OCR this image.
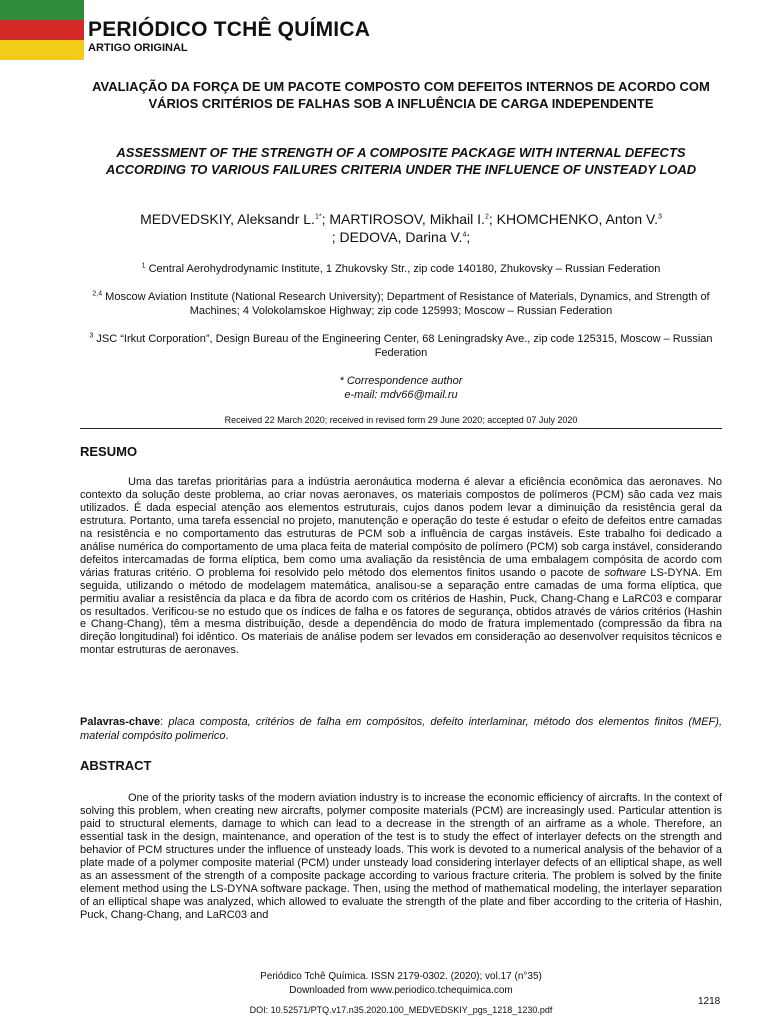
PERIÓDICO TCHÊ QUÍMICA
ARTIGO ORIGINAL
AVALIAÇÃO DA FORÇA DE UM PACOTE COMPOSTO COM DEFEITOS INTERNOS DE ACORDO COM VÁRIOS CRITÉRIOS DE FALHAS SOB A INFLUÊNCIA DE CARGA INDEPENDENTE
ASSESSMENT OF THE STRENGTH OF A COMPOSITE PACKAGE WITH INTERNAL DEFECTS ACCORDING TO VARIOUS FAILURES CRITERIA UNDER THE INFLUENCE OF UNSTEADY LOAD
MEDVEDSKIY, Aleksandr L.$^{1*}$; MARTIROSOV, Mikhail I.$^2$; KHOMCHENKO, Anton V.$^3$
; DEDOVA, Darina V.$^4$;
$^1$ Central Aerohydrodynamic Institute, 1 Zhukovsky Str., zip code 140180, Zhukovsky – Russian Federation
$^{2,4}$ Moscow Aviation Institute (National Research University); Department of Resistance of Materials, Dynamics, and Strength of Machines; 4 Volokolamskoe Highway; zip code 125993; Moscow – Russian Federation
$^3$ JSC “Irkut Corporation”, Design Bureau of the Engineering Center, 68 Leningradsky Ave., zip code 125315, Moscow – Russian Federation
* Correspondence author
e-mail: mdv66@mail.ru
Received 22 March 2020; received in revised form 29 June 2020; accepted 07 July 2020
RESUMO

Uma das tarefas prioritárias para a indústria aeronáutica moderna é alevar a eficiência econômica das aeronaves. No contexto da solução deste problema, ao criar novas aeronaves, os materiais compostos de polímeros (PCM) são cada vez mais utilizados. É dada especial atenção aos elementos estruturais, cujos danos podem levar a diminuição da resistência geral da estrutura. Portanto, uma tarefa essencial no projeto, manutenção e operação do teste é estudar o efeito de defeitos entre camadas na resistência e no comportamento das estruturas de PCM sob a influência de cargas instáveis. Este trabalho foi dedicado a análise numérica do comportamento de uma placa feita de material compósito de polímero (PCM) sob carga instável, considerando defeitos intercamadas de forma elíptica, bem como uma avaliação da resistência de uma embalagem compósita de acordo com várias fraturas critério. O problema foi resolvido pelo método dos elementos finitos usando o pacote de software LS-DYNA. Em seguida, utilizando o método de modelagem matemática, analisou-se a separação entre camadas de uma forma elíptica, que permitiu avaliar a resistência da placa e da fibra de acordo com os critérios de Hashin, Puck, Chang-Chang e LaRC03 e comparar os resultados. Verificou-se no estudo que os índices de falha e os fatores de segurança, obtidos através de vários critérios (Hashin e Chang-Chang), têm a mesma distribuição, desde a dependência do modo de fratura implementado (compressão da fibra na direção longitudinal) foi idêntico. Os materiais de análise podem ser levados em consideração ao desenvolver requisitos técnicos e montar estruturas de aeronaves.

Palavras-chave: placa composta, critérios de falha em compósitos, defeito interlaminar, método dos elementos finitos (MEF), material compósito polimerico.
ABSTRACT

One of the priority tasks of the modern aviation industry is to increase the economic efficiency of aircrafts. In the context of solving this problem, when creating new aircrafts, polymer composite materials (PCM) are increasingly used. Particular attention is paid to structural elements, damage to which can lead to a decrease in the strength of an airframe as a whole. Therefore, an essential task in the design, maintenance, and operation of the test is to study the effect of interlayer defects on the strength and behavior of PCM structures under the influence of unsteady loads. This work is devoted to a numerical analysis of the behavior of a plate made of a polymer composite material (PCM) under unsteady load considering interlayer defects of an elliptical shape, as well as an assessment of the strength of a composite package according to various fracture criteria. The problem is solved by the finite element method using the LS-DYNA software package. Then, using the method of mathematical modeling, the interlayer separation of an elliptical shape was analyzed, which allowed to evaluate the strength of the plate and fiber according to the criteria of Hashin, Puck, Chang-Chang, and LaRC03 and

Periódico Tchê Química. ISSN 2179-0302. (2020); vol.17 (n°35)
Downloaded from www.periodico.tchequimica.com
DOI: 10.52571/PTQ.v17.n35.2020.100_MEDVEDSKIY_pgs_1218_1230.pdf
1218
